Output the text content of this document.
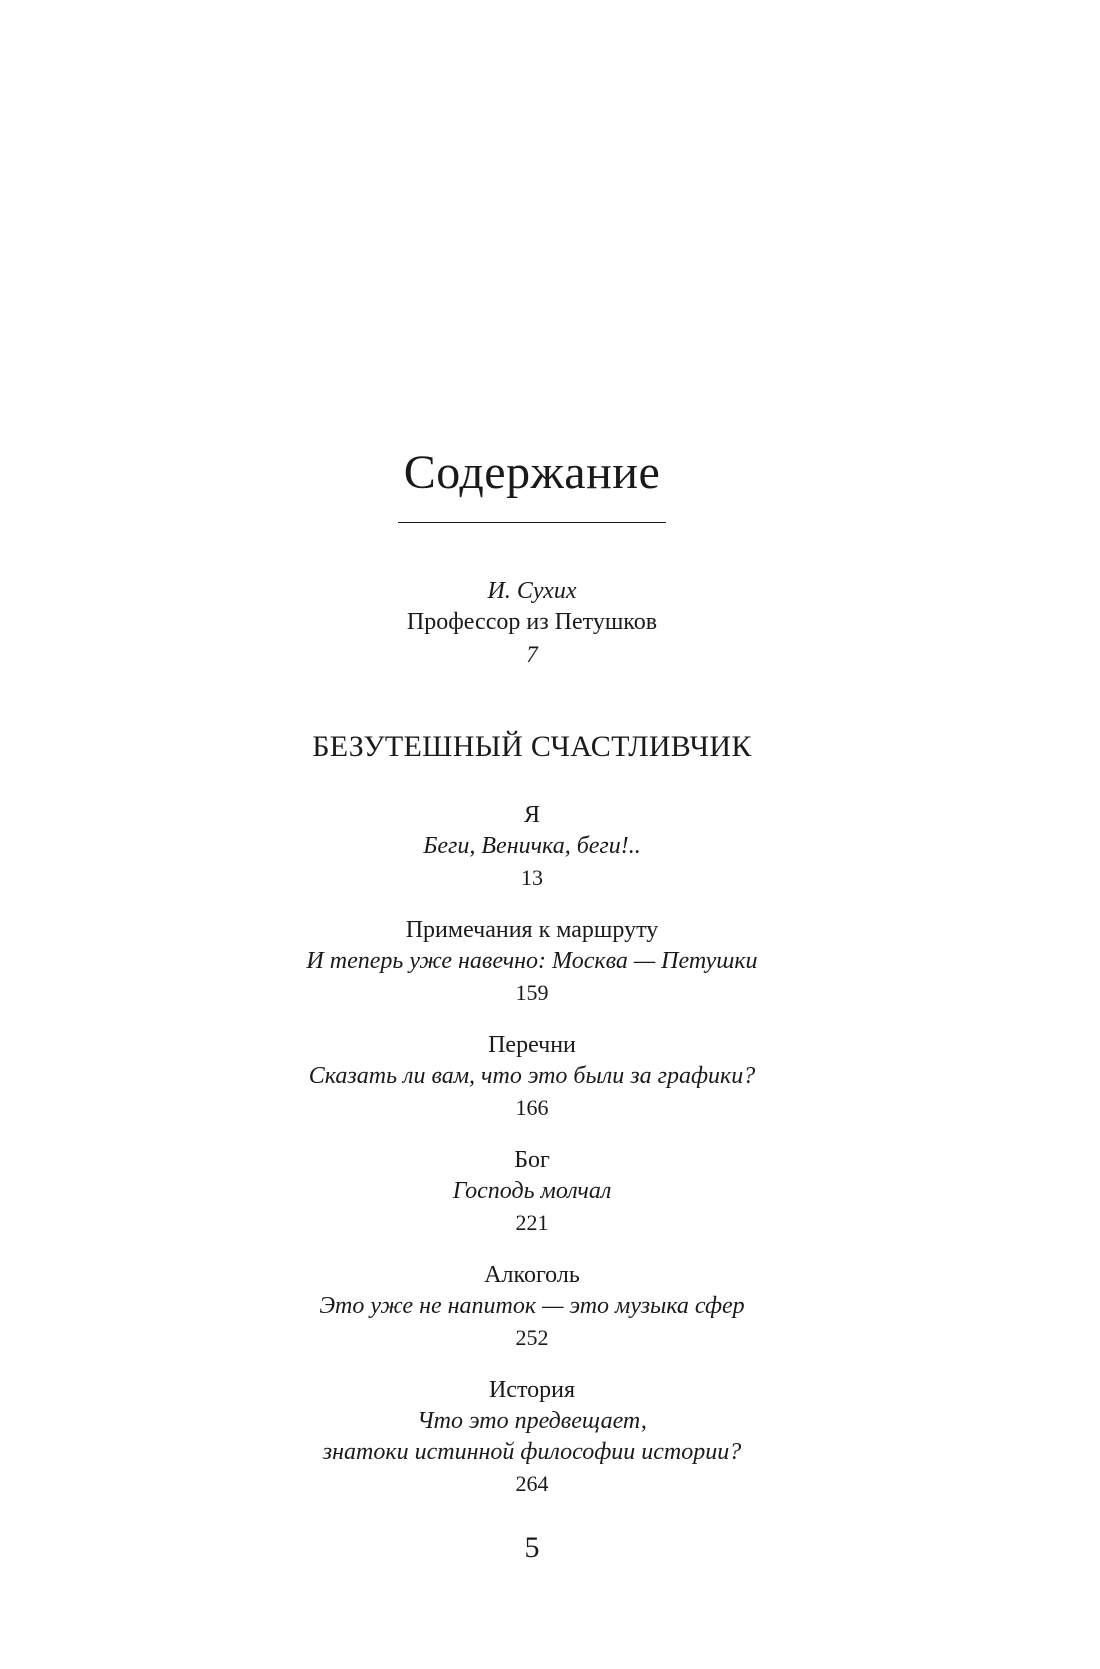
Содержание
И. Сухих
Профессор из Петушков
7
БЕЗУТЕШНЫЙ СЧАСТЛИВЧИК
Я
Беги, Веничка, беги!..
13
Примечания к маршруту
И теперь уже навечно: Москва — Петушки
159
Перечни
Сказать ли вам, что это были за графики?
166
Бог
Господь молчал
221
Алкоголь
Это уже не напиток — это музыка сфер
252
История
Что это предвещает,
знатоки истинной философии истории?
264
5
